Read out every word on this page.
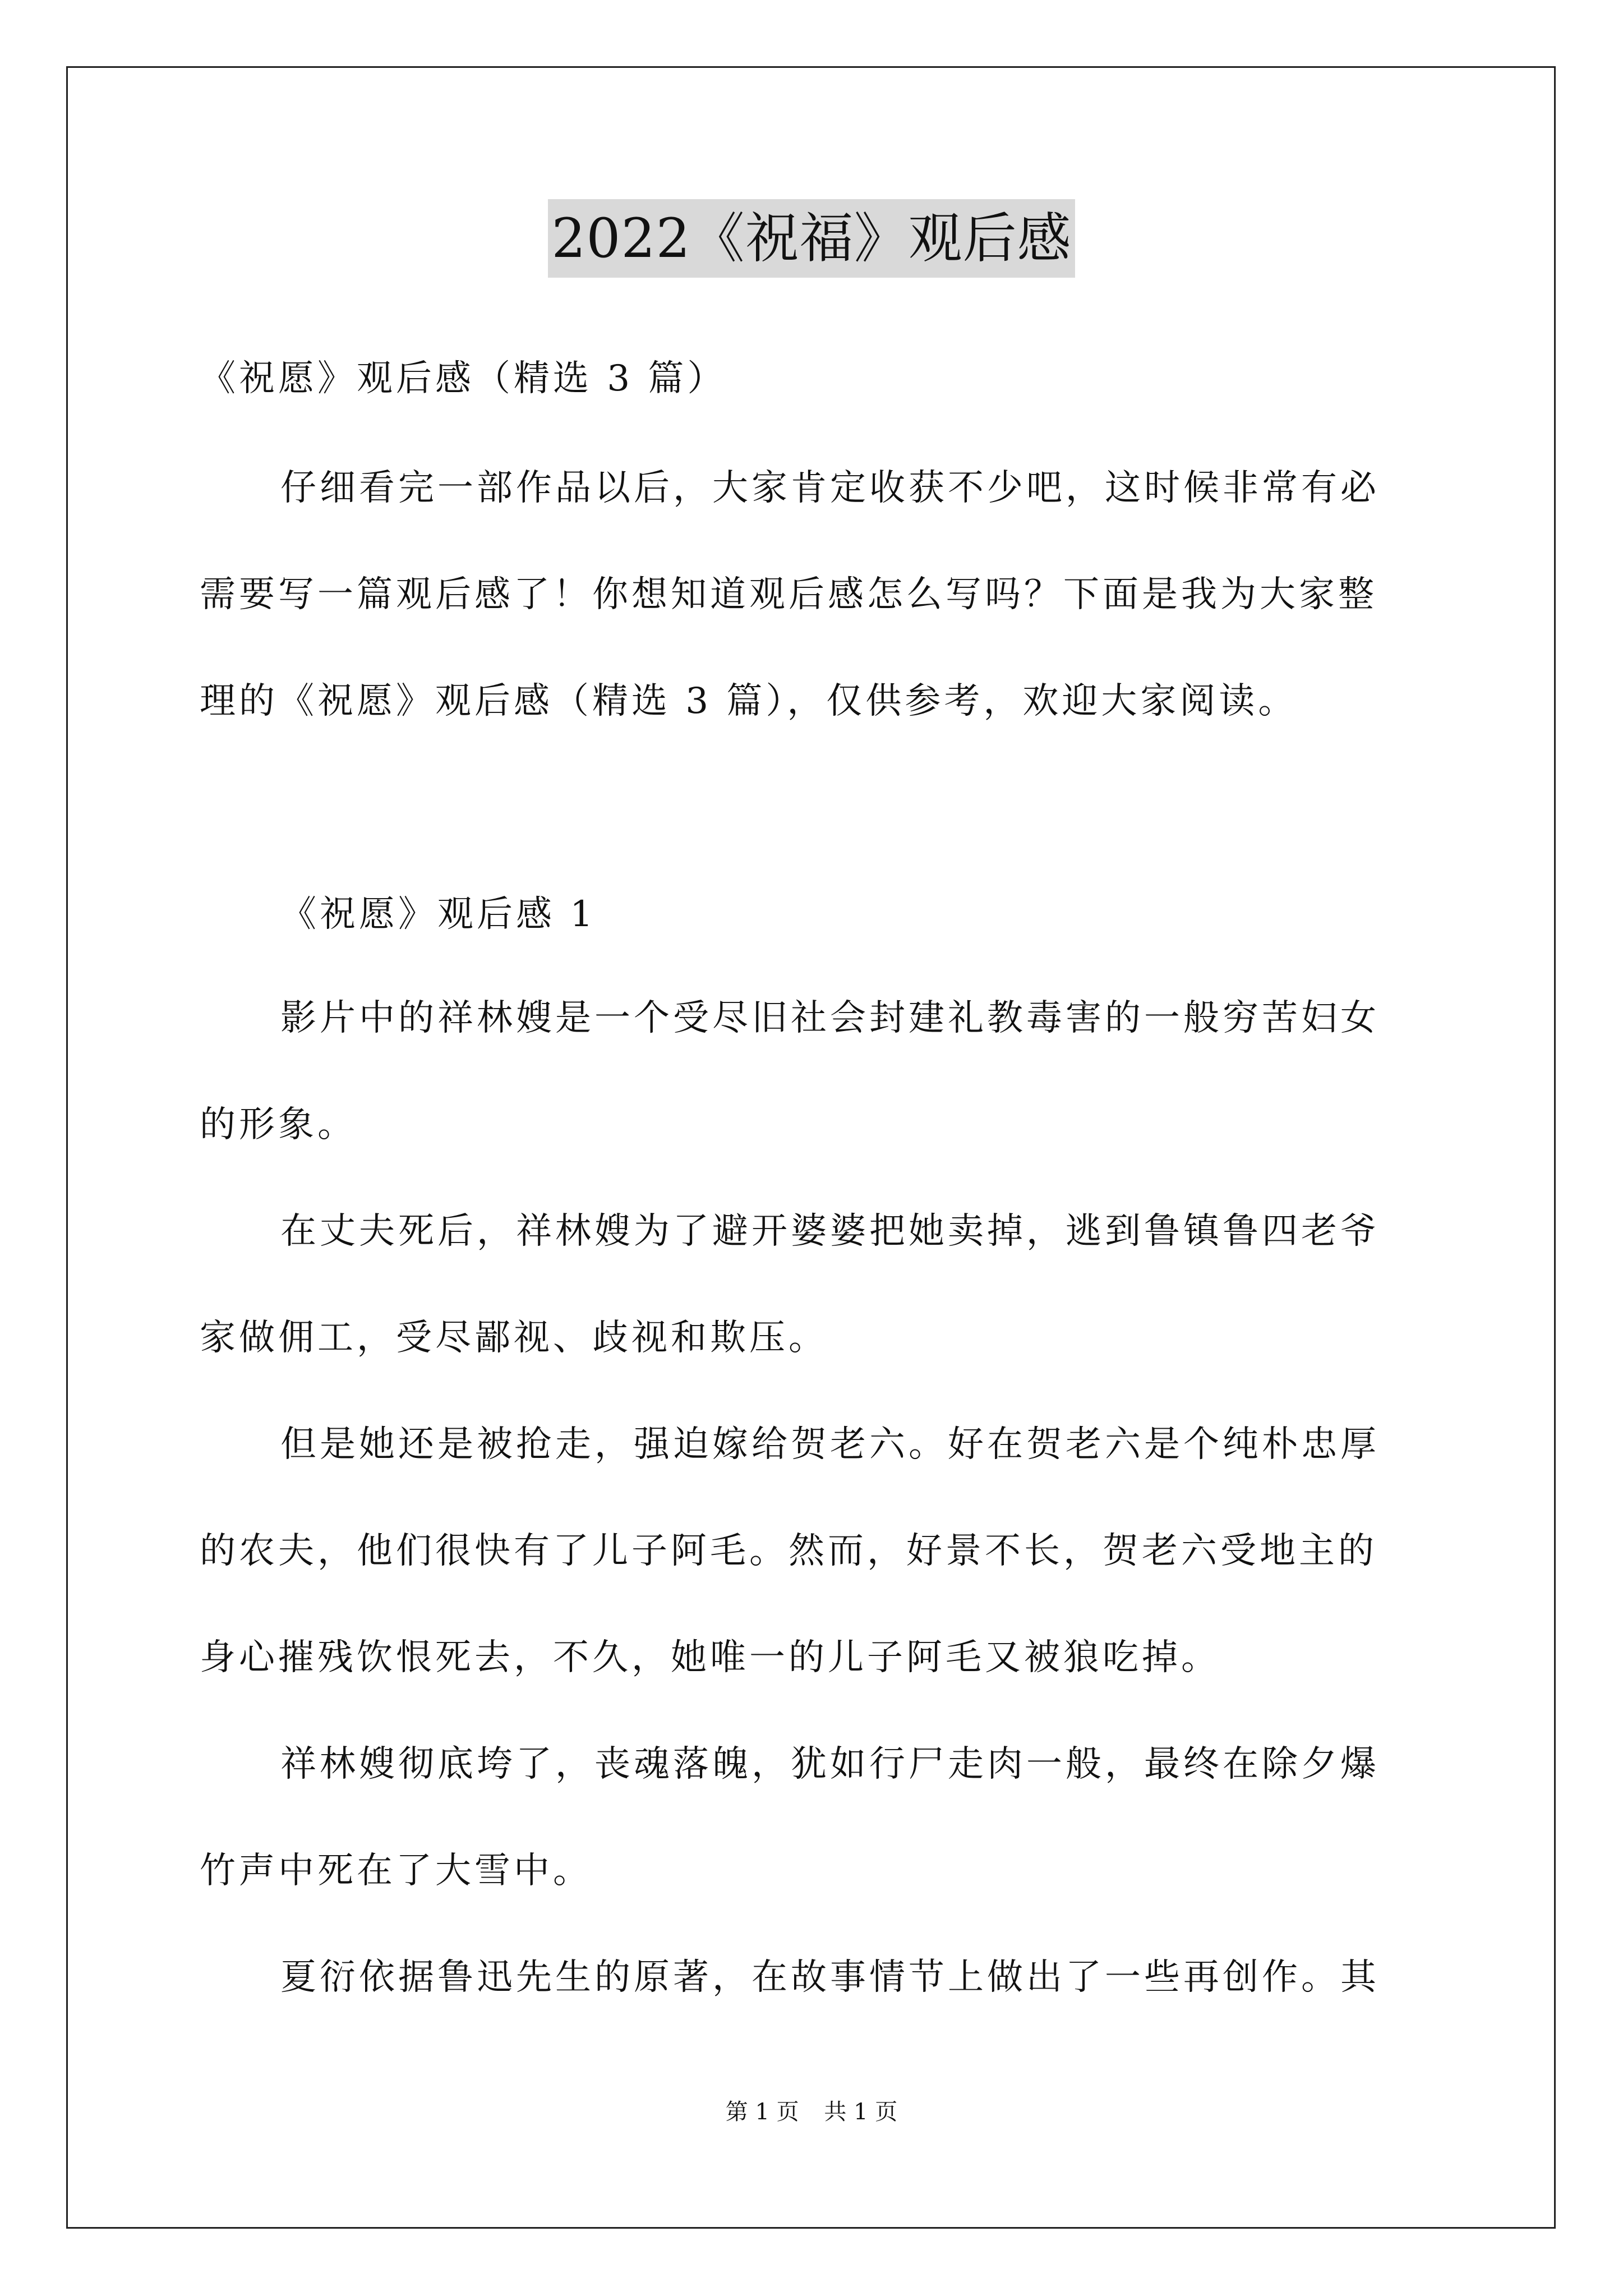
2022《祝福》观后感
《祝愿》观后感（精选 3 篇）
仔细看完一部作品以后，大家肯定收获不少吧，这时候非常有必
需要写一篇观后感了！你想知道观后感怎么写吗？下面是我为大家整
理的《祝愿》观后感（精选 3 篇），仅供参考，欢迎大家阅读。
《祝愿》观后感 1
影片中的祥林嫂是一个受尽旧社会封建礼教毒害的一般穷苦妇女
的形象。
在丈夫死后，祥林嫂为了避开婆婆把她卖掉，逃到鲁镇鲁四老爷
家做佣工，受尽鄙视、歧视和欺压。
但是她还是被抢走，强迫嫁给贺老六。好在贺老六是个纯朴忠厚
的农夫，他们很快有了儿子阿毛。然而，好景不长，贺老六受地主的
身心摧残饮恨死去，不久，她唯一的儿子阿毛又被狼吃掉。
祥林嫂彻底垮了，丧魂落魄，犹如行尸走肉一般，最终在除夕爆
竹声中死在了大雪中。
夏衍依据鲁迅先生的原著，在故事情节上做出了一些再创作。其
第 1 页 共 1 页
